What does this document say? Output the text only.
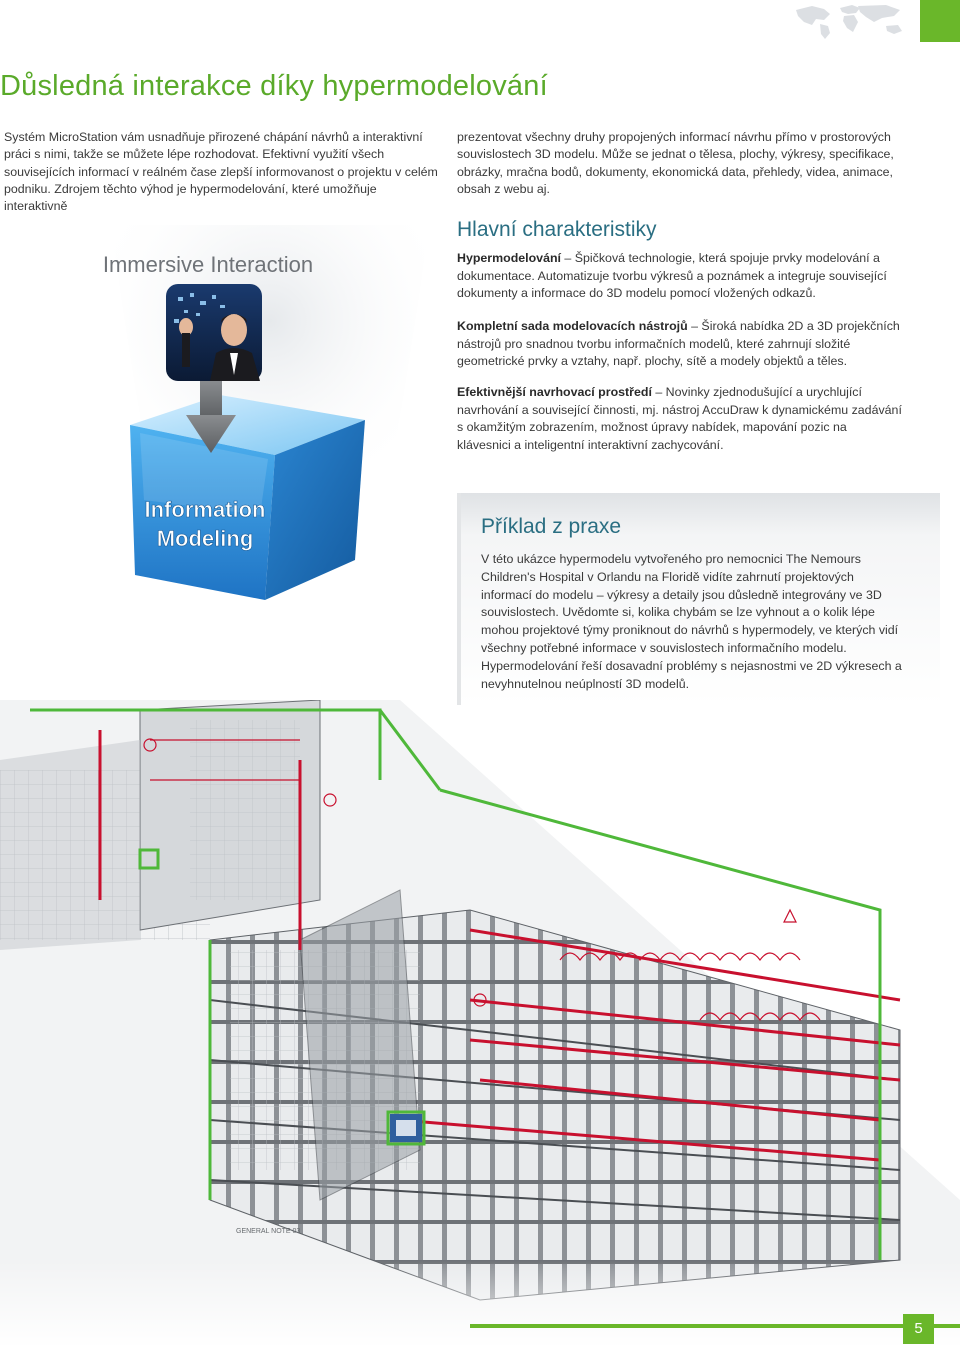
Důsledná interakce díky hypermodelování
Systém MicroStation vám usnadňuje přirozené chápání návrhů a interaktivní práci s nimi, takže se můžete lépe rozhodovat. Efektivní využití všech souvisejících informací v reálném čase zlepší informovanost o projektu v celém podniku. Zdrojem těchto výhod je hypermodelování, které umožňuje interaktivně
prezentovat všechny druhy propojených informací návrhu přímo v prostorových souvislostech 3D modelu. Může se jednat o tělesa, plochy, výkresy, specifikace, obrázky, mračna bodů, dokumenty, ekonomická data, přehledy, videa, animace, obsah z webu aj.
Immersive Interaction
Information
Modeling
Hlavní charakteristiky
Hypermodelování – Špičková technologie, která spojuje prvky modelování a dokumentace. Automatizuje tvorbu výkresů a poznámek a integruje související dokumenty a informace do 3D modelu pomocí vložených odkazů.
Kompletní sada modelovacích nástrojů – Široká nabídka 2D a 3D projekčních nástrojů pro snadnou tvorbu informačních modelů, které zahrnují složité geometrické prvky a vztahy, např. plochy, sítě a modely objektů a těles.
Efektivnější navrhovací prostředí – Novinky zjednodušující a urychlující navrhování a související činnosti, mj. nástroj AccuDraw k dynamickému zadávání s okamžitým zobrazením, možnost úpravy nabídek, mapování pozic na klávesnici a inteligentní interaktivní zachycování.
Příklad z praxe
V této ukázce hypermodelu vytvořeného pro nemocnici The Nemours Children's Hospital v Orlandu na Floridě vidíte zahrnutí projektových informací do modelu – výkresy a detaily jsou důsledně integrovány ve 3D souvislostech. Uvědomte si, kolika chybám se lze vyhnout a o kolik lépe mohou projektové týmy proniknout do návrhů s hypermodely, ve kterých vidí všechny potřebné informace v souvislostech informačního modelu. Hypermodelování řeší dosavadní problémy s nejasnostmi ve 2D výkresech a nevyhnutelnou neúplností 3D modelů.
GENERAL NOTE 03
5
